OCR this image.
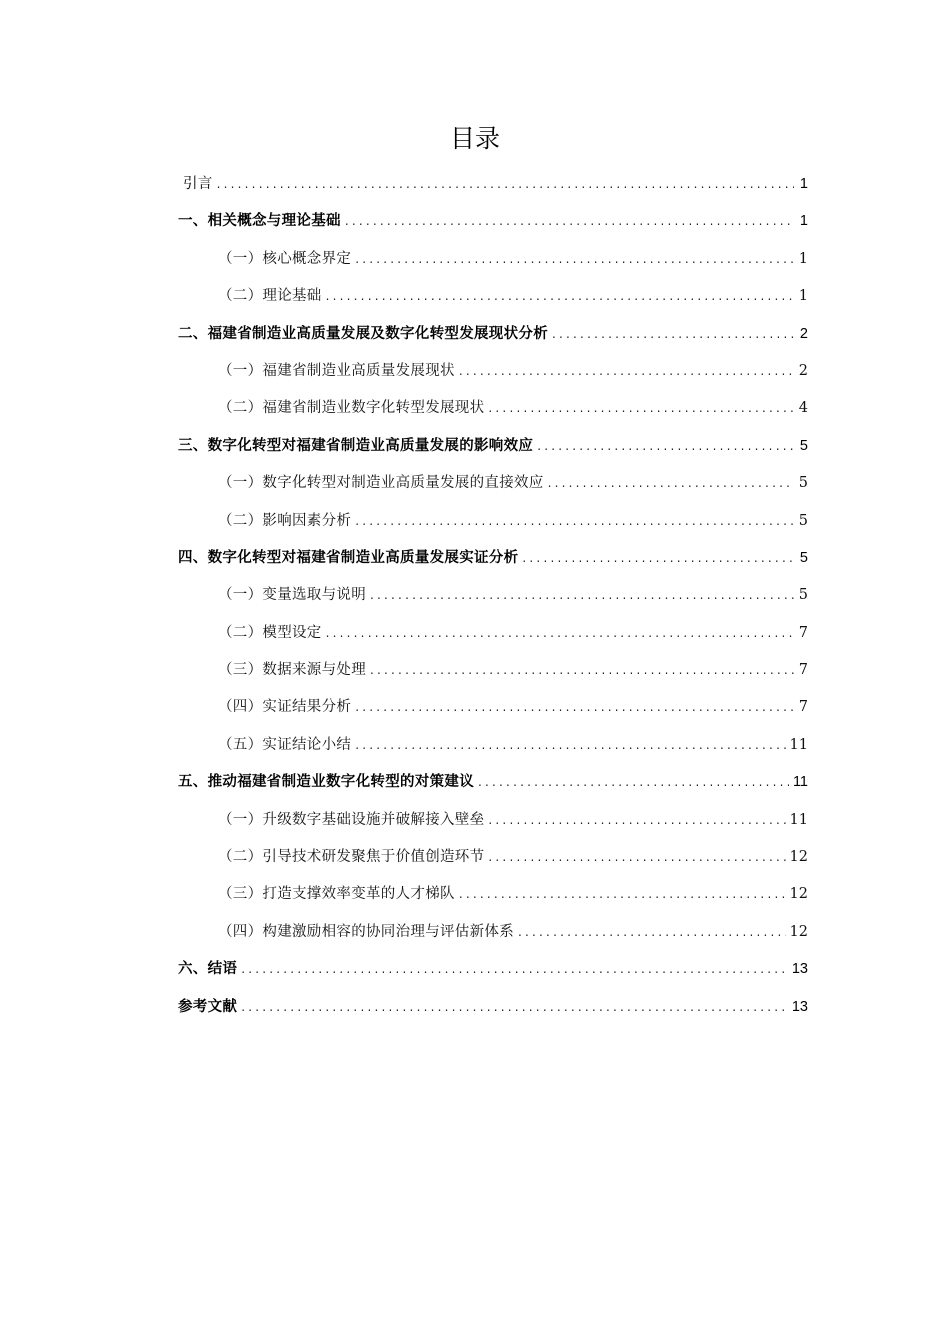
目录
引言 .....	1
一、相关概念与理论基础 .....	1
（一）核心概念界定 .....	1
（二）理论基础 .....	1
二、福建省制造业高质量发展及数字化转型发展现状分析 .....	2
（一）福建省制造业高质量发展现状 .....	2
（二）福建省制造业数字化转型发展现状 .....	4
三、数字化转型对福建省制造业高质量发展的影响效应 .....	5
（一）数字化转型对制造业高质量发展的直接效应 .....	5
（二）影响因素分析 .....	5
四、数字化转型对福建省制造业高质量发展实证分析 .....	5
（一）变量选取与说明 .....	5
（二）模型设定 .....	7
（三）数据来源与处理 .....	7
（四）实证结果分析 .....	7
（五）实证结论小结 .....	11
五、推动福建省制造业数字化转型的对策建议 .....	11
（一）升级数字基础设施并破解接入壁垒 .....	11
（二）引导技术研发聚焦于价值创造环节 .....	12
（三）打造支撑效率变革的人才梯队 .....	12
（四）构建激励相容的协同治理与评估新体系 .....	12
六、结语 .....	13
参考文献 .....	13
